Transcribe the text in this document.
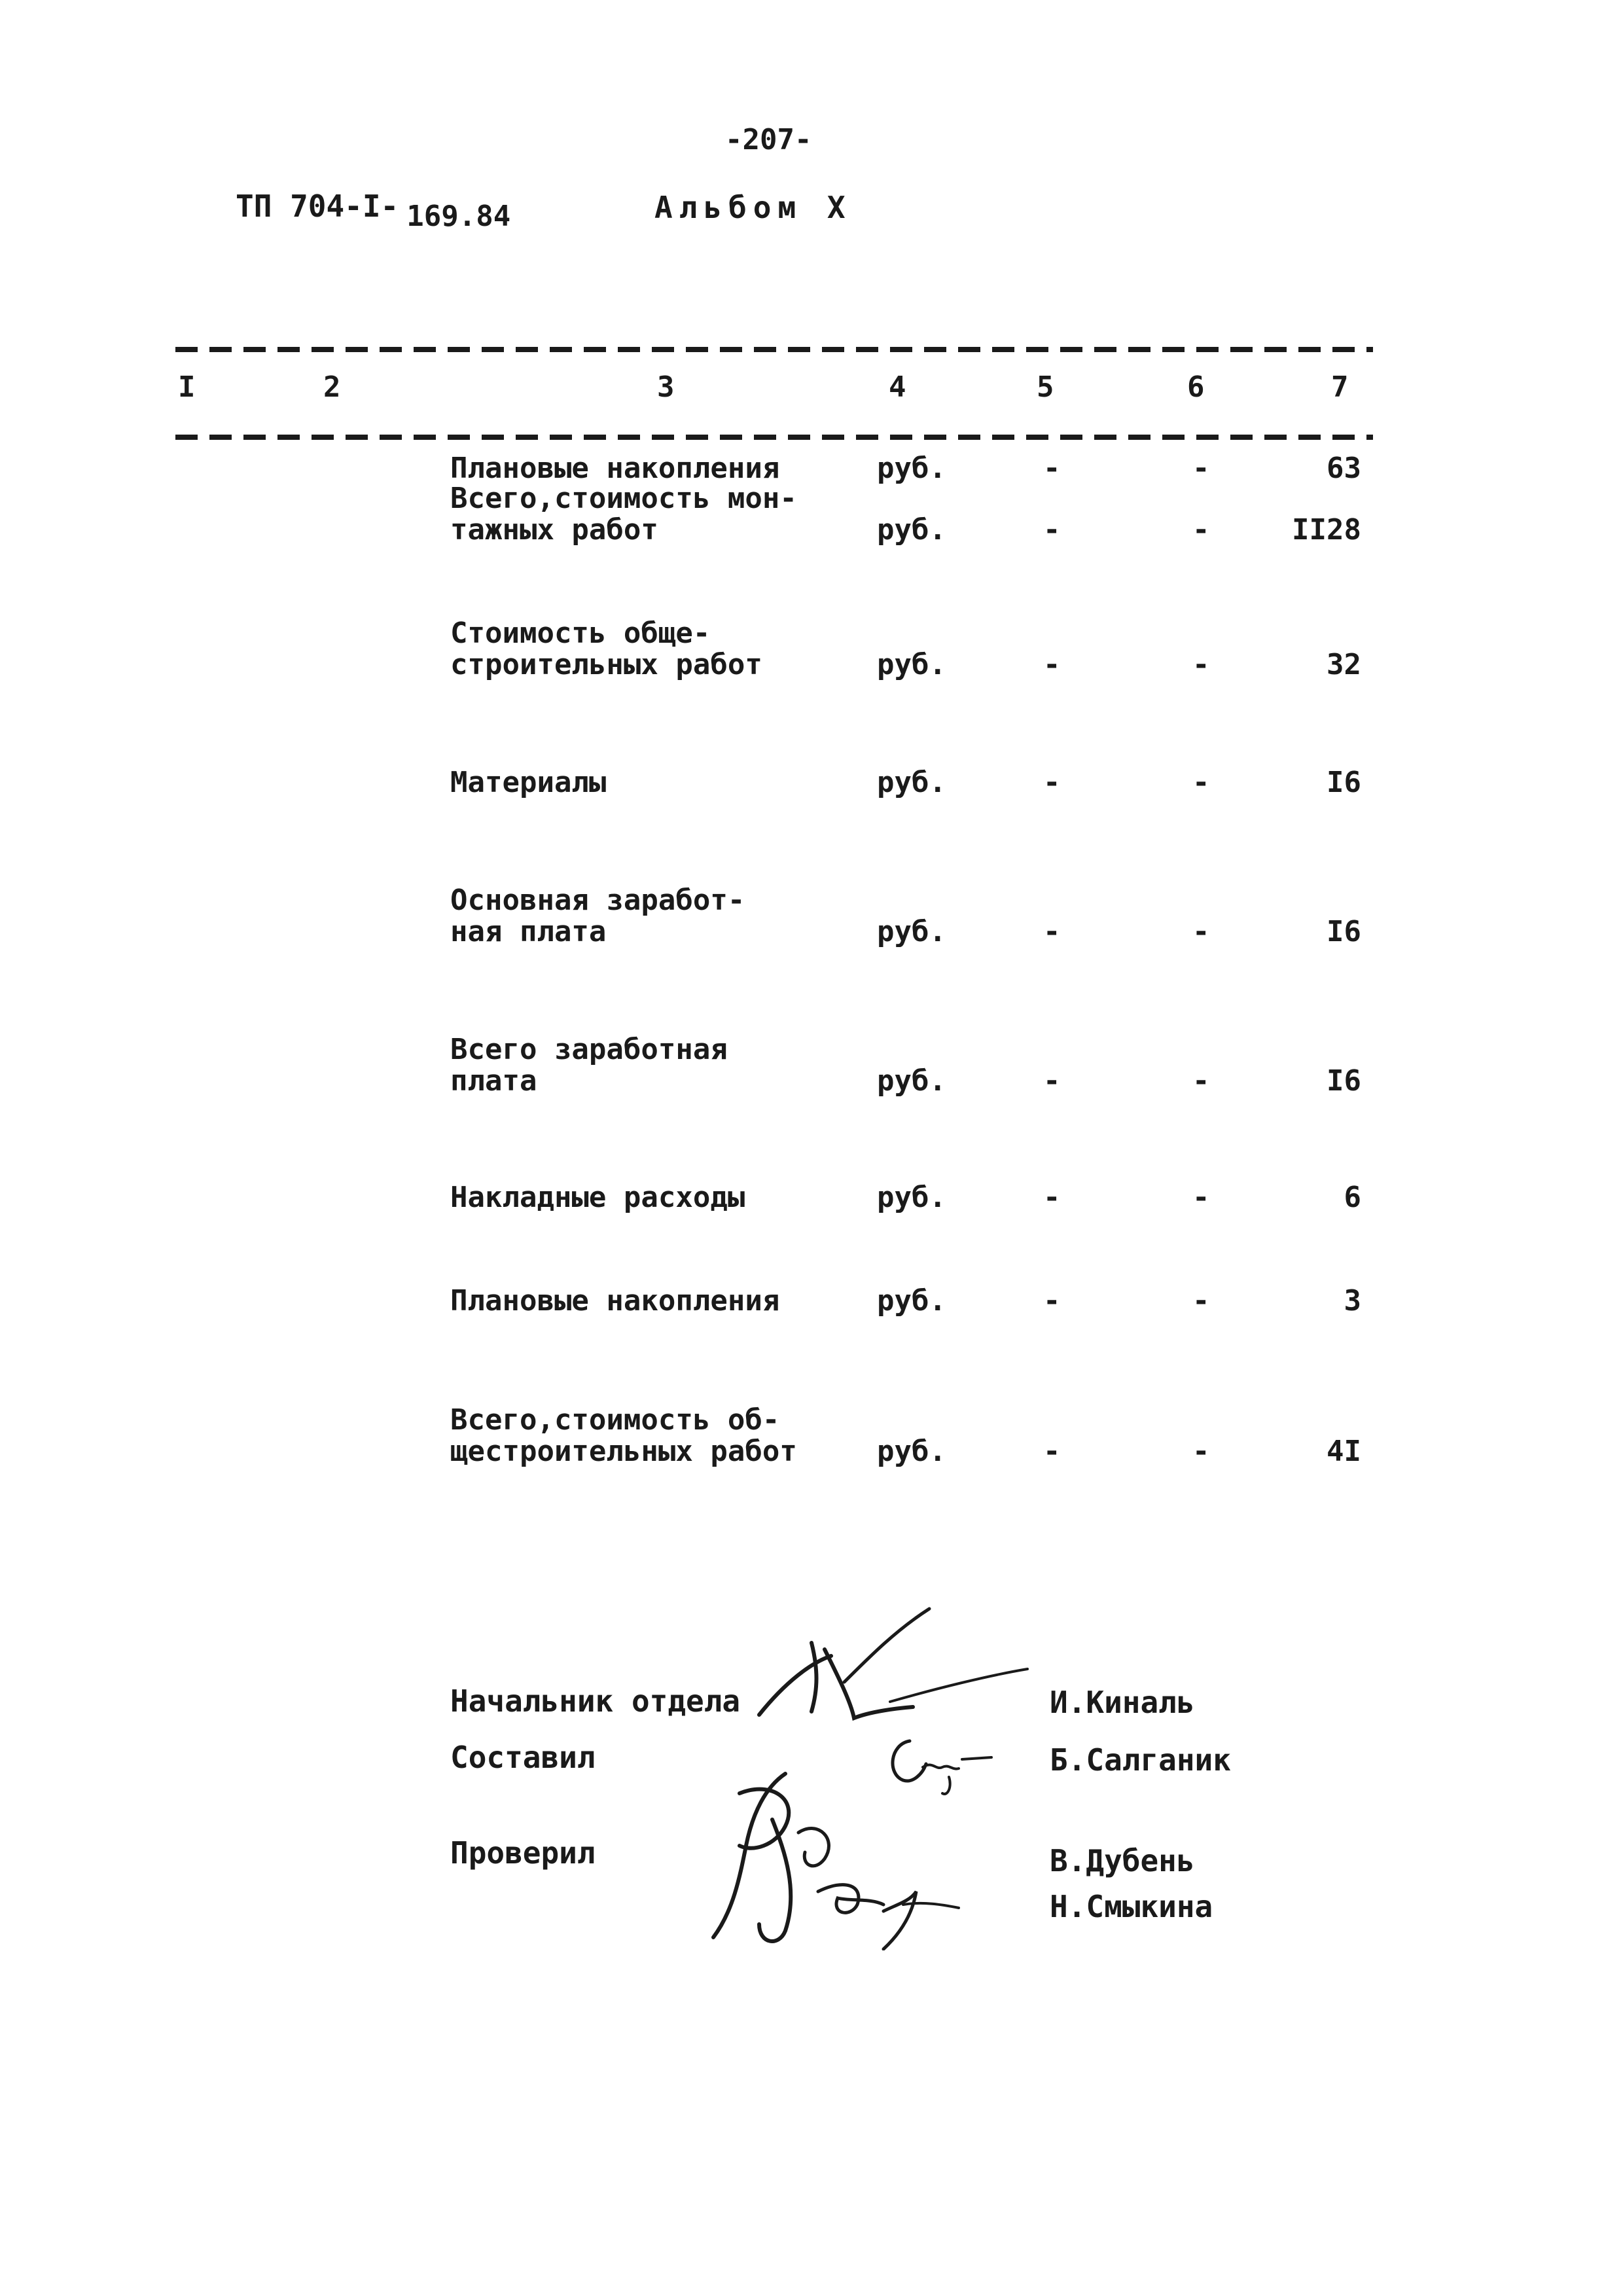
-207-
ТП 704-I- 169.84	Альбом X
I	2	3	4	5	6	7
Плановые накопления	руб.	-	-	63
Всего,стоимость мон-
тажных работ	руб.	-	-	II28
Стоимость обще-
строительных работ	руб.	-	-	32
Материалы	руб.	-	-	I6
Основная заработ-
ная плата	руб.	-	-	I6
Всего заработная
плата	руб.	-	-	I6
Накладные расходы	руб.	-	-	6
Плановые накопления	руб.	-	-	3
Всего,стоимость об-
щестроительных работ	руб.	-	-	4I
Начальник отдела	И.Киналь
Составил	Б.Салганик
Проверил	В.Дубень
Н.Смыкина
